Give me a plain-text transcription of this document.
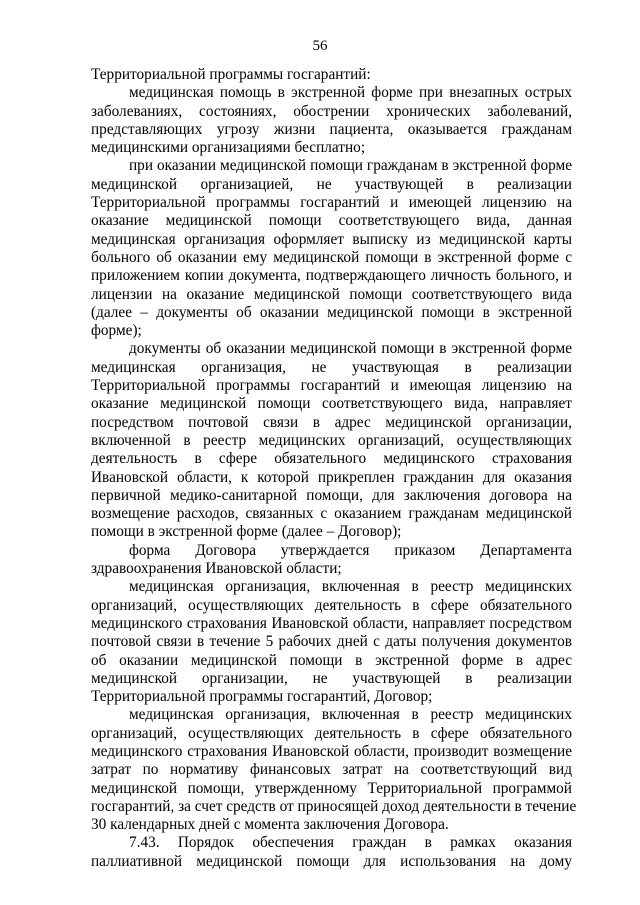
56
Территориальной программы госгарантий:
медицинская помощь в экстренной форме при внезапных острых
заболеваниях, состояниях, обострении хронических заболеваний,
представляющих угрозу жизни пациента, оказывается гражданам
медицинскими организациями бесплатно;
при оказании медицинской помощи гражданам в экстренной форме
медицинской организацией, не участвующей в реализации
Территориальной программы госгарантий и имеющей лицензию на
оказание медицинской помощи соответствующего вида, данная
медицинская организация оформляет выписку из медицинской карты
больного об оказании ему медицинской помощи в экстренной форме с
приложением копии документа, подтверждающего личность больного, и
лицензии на оказание медицинской помощи соответствующего вида
(далее – документы об оказании медицинской помощи в экстренной
форме);
документы об оказании медицинской помощи в экстренной форме
медицинская организация, не участвующая в реализации
Территориальной программы госгарантий и имеющая лицензию на
оказание медицинской помощи соответствующего вида, направляет
посредством почтовой связи в адрес медицинской организации,
включенной в реестр медицинских организаций, осуществляющих
деятельность в сфере обязательного медицинского страхования
Ивановской области, к которой прикреплен гражданин для оказания
первичной медико-санитарной помощи, для заключения договора на
возмещение расходов, связанных с оказанием гражданам медицинской
помощи в экстренной форме (далее – Договор);
форма Договора утверждается приказом Департамента
здравоохранения Ивановской области;
медицинская организация, включенная в реестр медицинских
организаций, осуществляющих деятельность в сфере обязательного
медицинского страхования Ивановской области, направляет посредством
почтовой связи в течение 5 рабочих дней с даты получения документов
об оказании медицинской помощи в экстренной форме в адрес
медицинской организации, не участвующей в реализации
Территориальной программы госгарантий, Договор;
медицинская организация, включенная в реестр медицинских
организаций, осуществляющих деятельность в сфере обязательного
медицинского страхования Ивановской области, производит возмещение
затрат по нормативу финансовых затрат на соответствующий вид
медицинской помощи, утвержденному Территориальной программой
госгарантий, за счет средств от приносящей доход деятельности в течение
30 календарных дней с момента заключения Договора.
7.43. Порядок обеспечения граждан в рамках оказания
паллиативной медицинской помощи для использования на дому
